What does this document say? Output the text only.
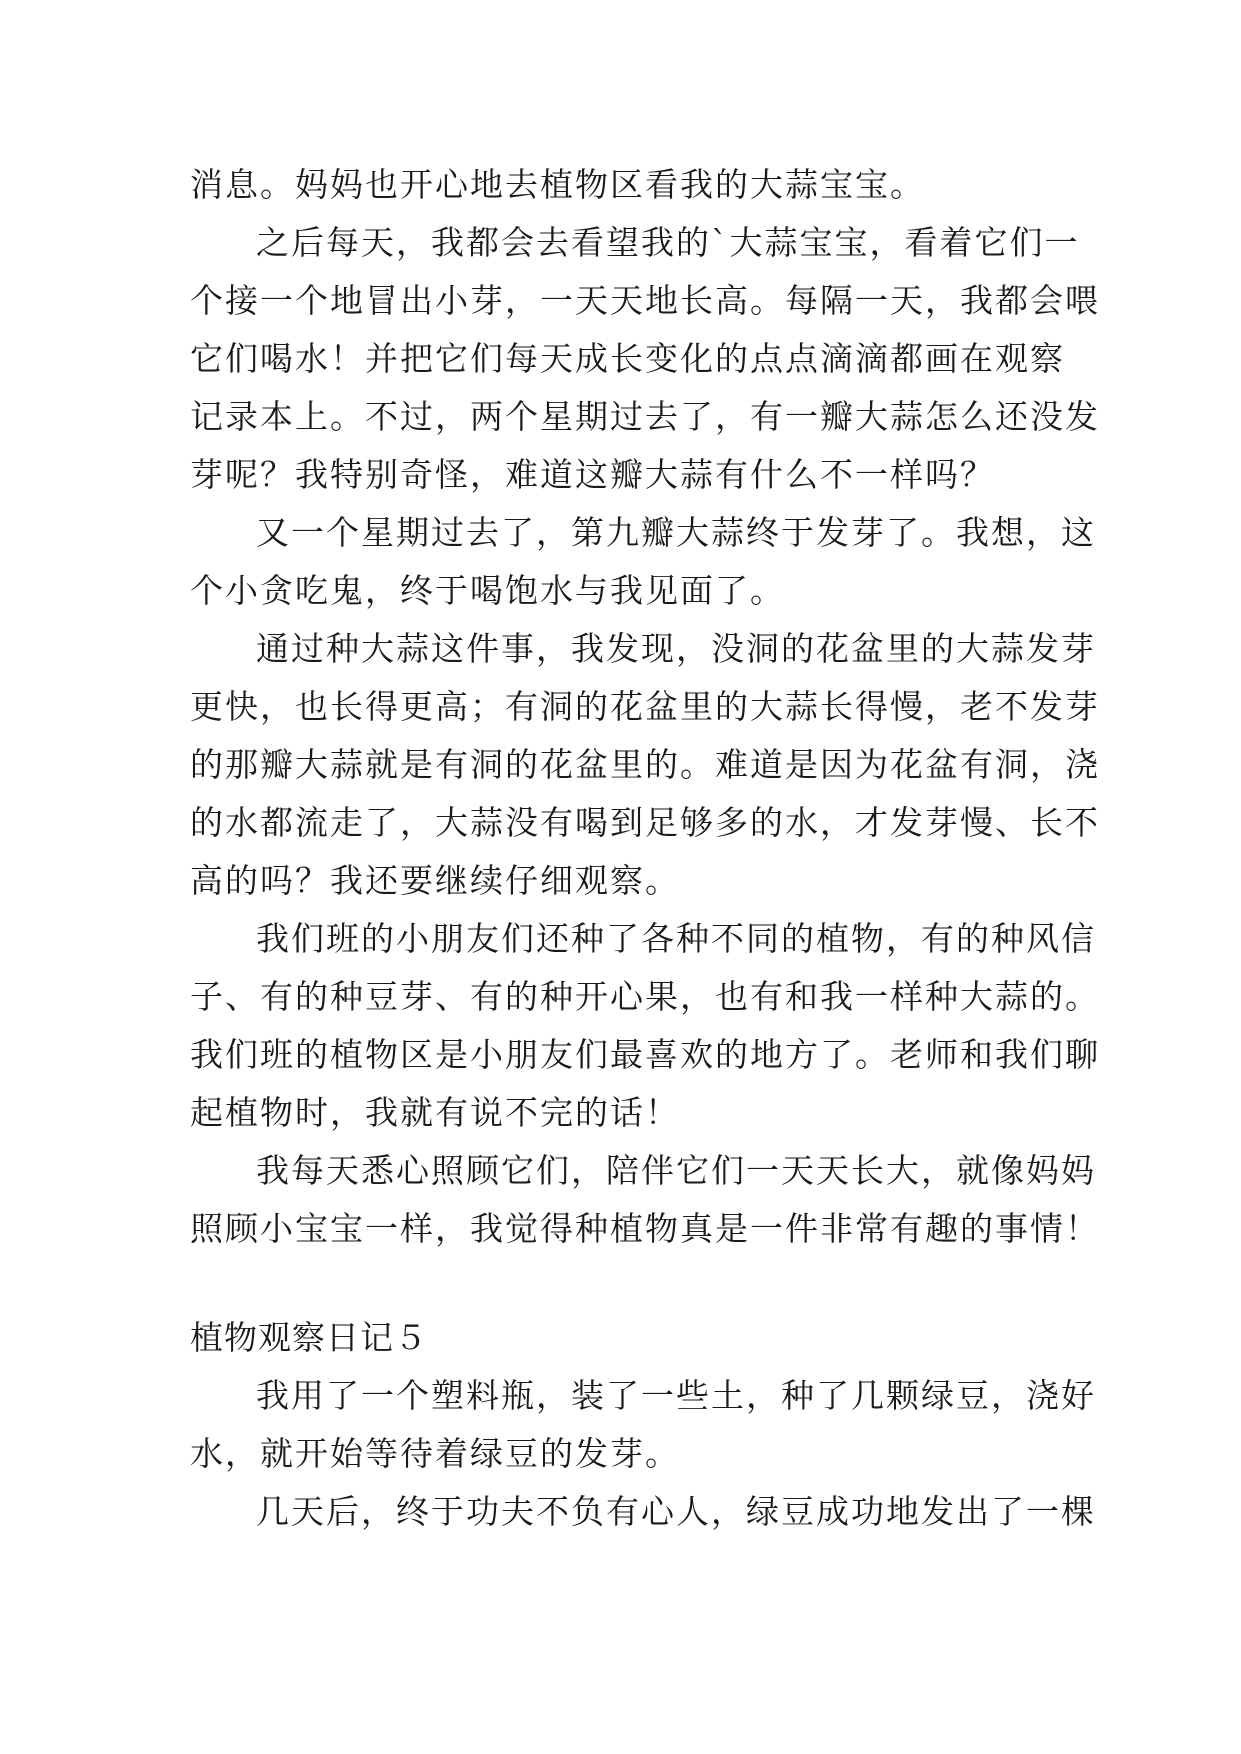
消息。妈妈也开心地去植物区看我的大蒜宝宝。
之后每天，我都会去看望我的`大蒜宝宝，看着它们一
个接一个地冒出小芽，一天天地长高。每隔一天，我都会喂
它们喝水！并把它们每天成长变化的点点滴滴都画在观察
记录本上。不过，两个星期过去了，有一瓣大蒜怎么还没发
芽呢？我特别奇怪，难道这瓣大蒜有什么不一样吗？
又一个星期过去了，第九瓣大蒜终于发芽了。我想，这
个小贪吃鬼，终于喝饱水与我见面了。
通过种大蒜这件事，我发现，没洞的花盆里的大蒜发芽
更快，也长得更高；有洞的花盆里的大蒜长得慢，老不发芽
的那瓣大蒜就是有洞的花盆里的。难道是因为花盆有洞，浇
的水都流走了，大蒜没有喝到足够多的水，才发芽慢、长不
高的吗？我还要继续仔细观察。
我们班的小朋友们还种了各种不同的植物，有的种风信
子、有的种豆芽、有的种开心果，也有和我一样种大蒜的。
我们班的植物区是小朋友们最喜欢的地方了。老师和我们聊
起植物时，我就有说不完的话！
我每天悉心照顾它们，陪伴它们一天天长大，就像妈妈
照顾小宝宝一样，我觉得种植物真是一件非常有趣的事情！
植物观察日记５
我用了一个塑料瓶，装了一些土，种了几颗绿豆，浇好
水，就开始等待着绿豆的发芽。
几天后，终于功夫不负有心人，绿豆成功地发出了一棵
